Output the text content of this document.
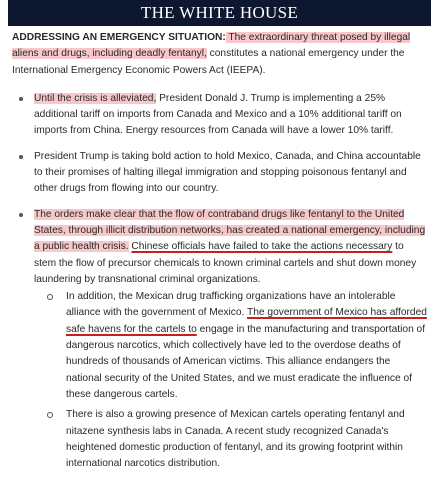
THE WHITE HOUSE

ADDRESSING AN EMERGENCY SITUATION: The extraordinary threat posed by illegal aliens and drugs, including deadly fentanyl, constitutes a national emergency under the International Emergency Economic Powers Act (IEEPA).

Until the crisis is alleviated, President Donald J. Trump is implementing a 25% additional tariff on imports from Canada and Mexico and a 10% additional tariff on imports from China. Energy resources from Canada will have a lower 10% tariff.
President Trump is taking bold action to hold Mexico, Canada, and China accountable to their promises of halting illegal immigration and stopping poisonous fentanyl and other drugs from flowing into our country.
The orders make clear that the flow of contraband drugs like fentanyl to the United States, through illicit distribution networks, has created a national emergency, including a public health crisis. Chinese officials have failed to take the actions necessary to stem the flow of precursor chemicals to known criminal cartels and shut down money laundering by transnational criminal organizations.
In addition, the Mexican drug trafficking organizations have an intolerable alliance with the government of Mexico. The government of Mexico has afforded safe havens for the cartels to engage in the manufacturing and transportation of dangerous narcotics, which collectively have led to the overdose deaths of hundreds of thousands of American victims. This alliance endangers the national security of the United States, and we must eradicate the influence of these dangerous cartels.
There is also a growing presence of Mexican cartels operating fentanyl and nitazene synthesis labs in Canada. A recent study recognized Canada's heightened domestic production of fentanyl, and its growing footprint within international narcotics distribution.
